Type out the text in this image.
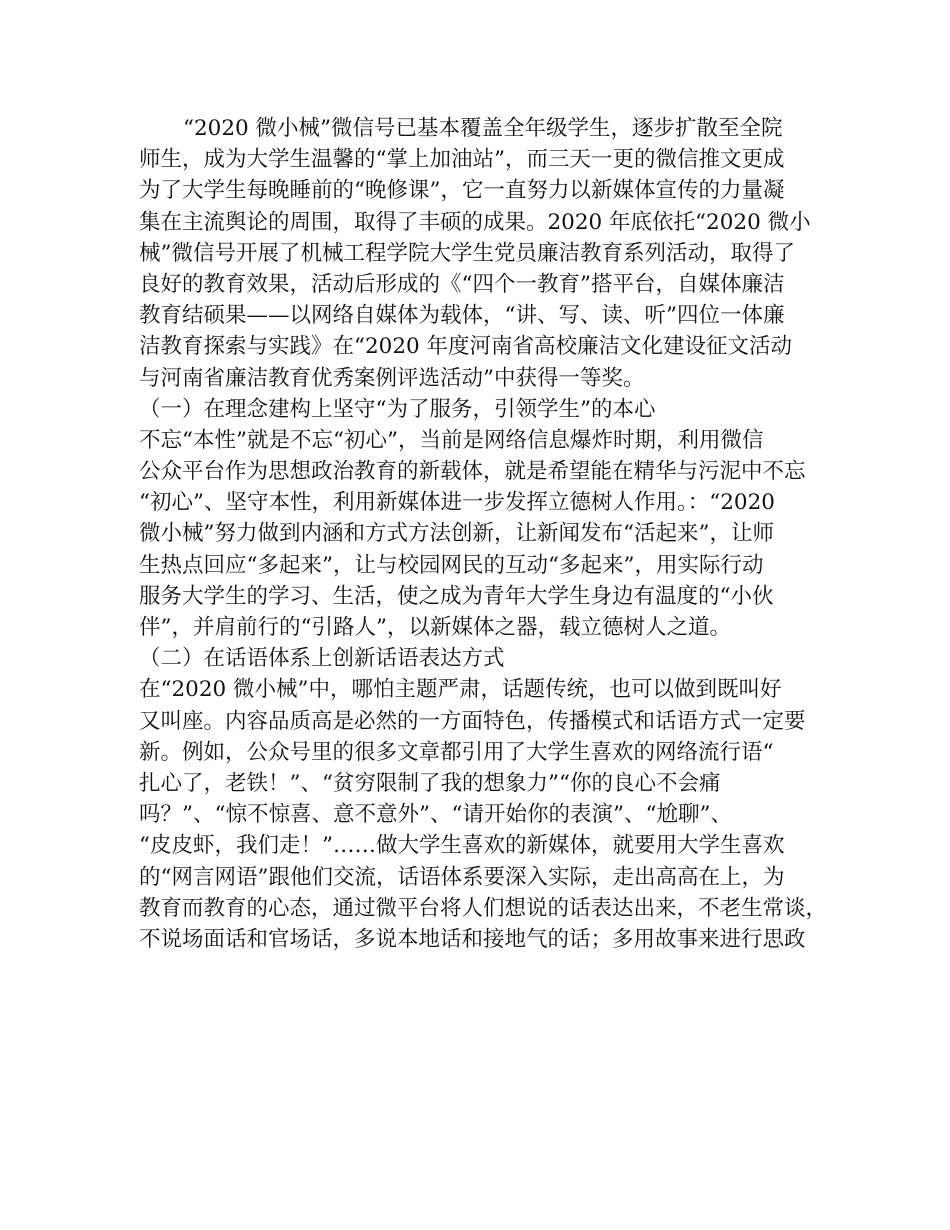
“2020 微小械”微信号已基本覆盖全年级学生，逐步扩散至全院
师生，成为大学生温馨的“掌上加油站”，而三天一更的微信推文更成
为了大学生每晚睡前的“晚修课”，它一直努力以新媒体宣传的力量凝
集在主流舆论的周围，取得了丰硕的成果。2020 年底依托“2020 微小
械”微信号开展了机械工程学院大学生党员廉洁教育系列活动，取得了
良好的教育效果，活动后形成的《“四个一教育”搭平台，自媒体廉洁
教育结硕果——以网络自媒体为载体，“讲、写、读、听”四位一体廉
洁教育探索与实践》在“2020 年度河南省高校廉洁文化建设征文活动
与河南省廉洁教育优秀案例评选活动”中获得一等奖。
（一）在理念建构上坚守“为了服务，引领学生”的本心
不忘“本性”就是不忘“初心”，当前是网络信息爆炸时期，利用微信
公众平台作为思想政治教育的新载体，就是希望能在精华与污泥中不忘
“初心”、坚守本性，利用新媒体进一步发挥立德树人作用。：“2020
微小械”努力做到内涵和方式方法创新，让新闻发布“活起来”，让师
生热点回应“多起来”，让与校园网民的互动“多起来”，用实际行动
服务大学生的学习、生活，使之成为青年大学生身边有温度的“小伙
伴”，并肩前行的“引路人”，以新媒体之器，载立德树人之道。
（二）在话语体系上创新话语表达方式
在“2020 微小械”中，哪怕主题严肃，话题传统，也可以做到既叫好
又叫座。内容品质高是必然的一方面特色，传播模式和话语方式一定要
新。例如，公众号里的很多文章都引用了大学生喜欢的网络流行语“
扎心了，老铁！”、“贫穷限制了我的想象力”“你的良心不会痛
吗？”、“惊不惊喜、意不意外”、“请开始你的表演”、“尬聊”、
“皮皮虾，我们走！”……做大学生喜欢的新媒体，就要用大学生喜欢
的“网言网语”跟他们交流，话语体系要深入实际，走出高高在上，为
教育而教育的心态，通过微平台将人们想说的话表达出来，不老生常谈，
不说场面话和官场话，多说本地话和接地气的话；多用故事来进行思政
